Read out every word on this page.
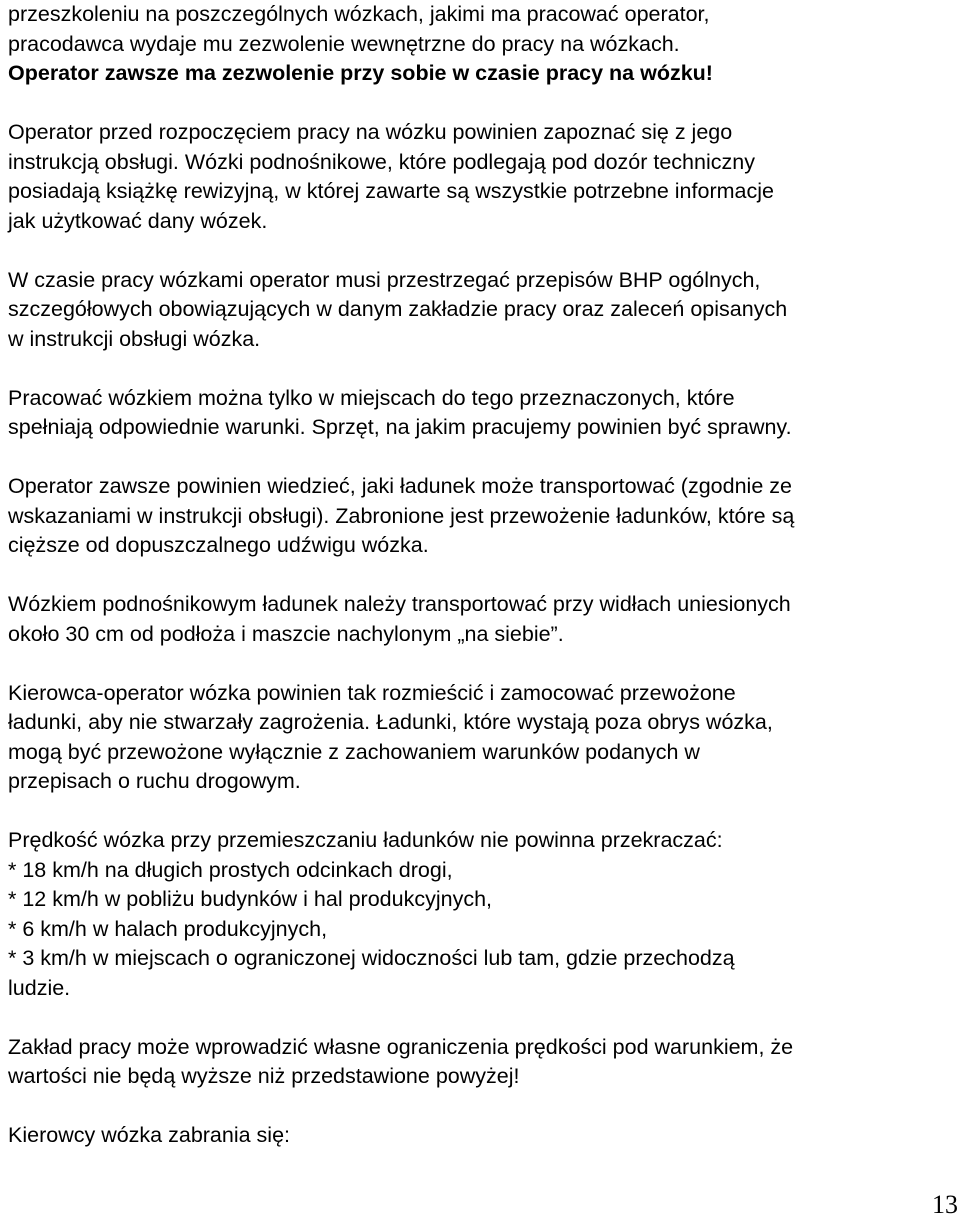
przeszkoleniu na poszczególnych wózkach, jakimi ma pracować operator,
pracodawca wydaje mu zezwolenie wewnętrzne do pracy na wózkach.
Operator zawsze ma zezwolenie przy sobie w czasie pracy na wózku!

Operator przed rozpoczęciem pracy na wózku powinien zapoznać się z jego
instrukcją obsługi. Wózki podnośnikowe, które podlegają pod dozór techniczny
posiadają książkę rewizyjną, w której zawarte są wszystkie potrzebne informacje
jak użytkować dany wózek.

W czasie pracy wózkami operator musi przestrzegać przepisów BHP ogólnych,
szczegółowych obowiązujących w danym zakładzie pracy oraz zaleceń opisanych
w instrukcji obsługi wózka.

Pracować wózkiem można tylko w miejscach do tego przeznaczonych, które
spełniają odpowiednie warunki. Sprzęt, na jakim pracujemy powinien być sprawny.

Operator zawsze powinien wiedzieć, jaki ładunek może transportować (zgodnie ze
wskazaniami w instrukcji obsługi). Zabronione jest przewożenie ładunków, które są
cięższe od dopuszczalnego udźwigu wózka.

Wózkiem podnośnikowym ładunek należy transportować przy widłach uniesionych
około 30 cm od podłoża i maszcie nachylonym „na siebie”.

Kierowca-operator wózka powinien tak rozmieścić i zamocować przewożone
ładunki, aby nie stwarzały zagrożenia. Ładunki, które wystają poza obrys wózka,
mogą być przewożone wyłącznie z zachowaniem warunków podanych w
przepisach o ruchu drogowym.

Prędkość wózka przy przemieszczaniu ładunków nie powinna przekraczać:
* 18 km/h na długich prostych odcinkach drogi,
* 12 km/h w pobliżu budynków i hal produkcyjnych,
* 6 km/h w halach produkcyjnych,
* 3 km/h w miejscach o ograniczonej widoczności lub tam, gdzie przechodzą
ludzie.

Zakład pracy może wprowadzić własne ograniczenia prędkości pod warunkiem, że
wartości nie będą wyższe niż przedstawione powyżej!

Kierowcy wózka zabrania się:

13
